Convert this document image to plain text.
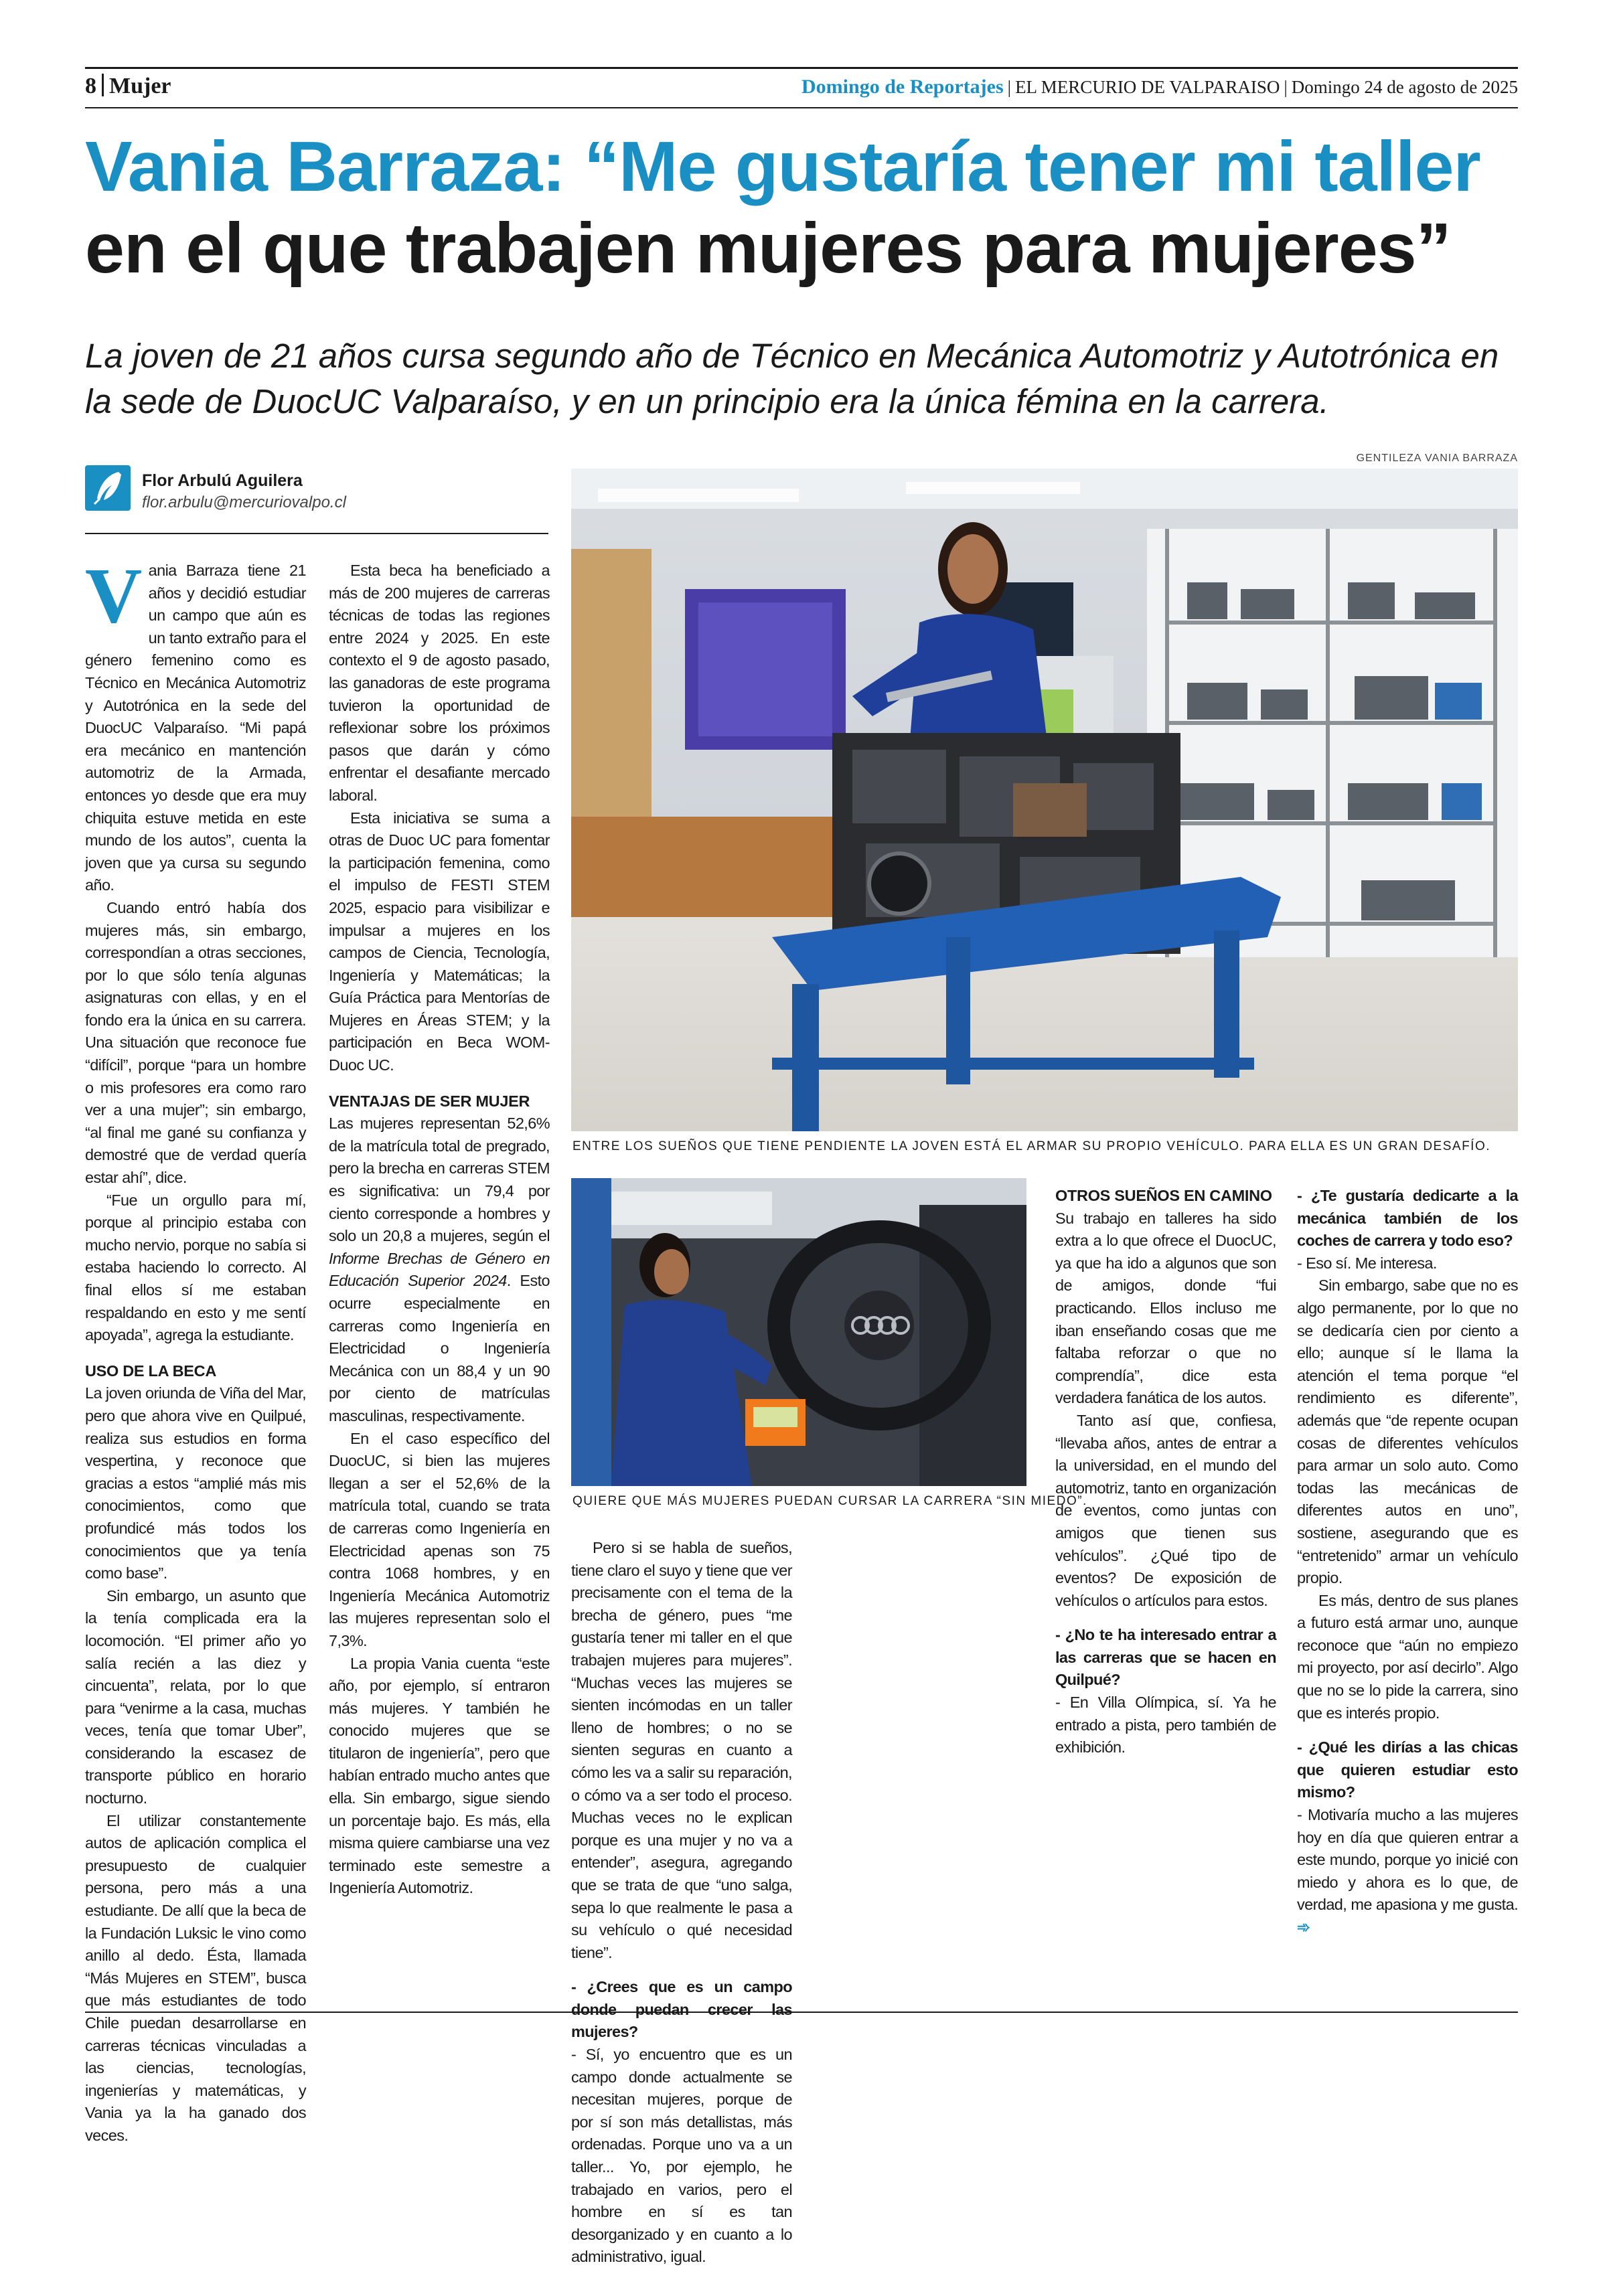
8 Mujer	Domingo de Reportajes | EL MERCURIO DE VALPARAISO | Domingo 24 de agosto de 2025
Vania Barraza: “Me gustaría tener mi taller
en el que trabajen mujeres para mujeres”

La joven de 21 años cursa segundo año de Técnico en Mecánica Automotriz y Autotrónica en la sede de DuocUC Valparaíso, y en un principio era la única fémina en la carrera.

Flor Arbulú Aguilera
flor.arbulu@mercuriovalpo.cl
GENTILEZA VANIA BARRAZA
ENTRE LOS SUEÑOS QUE TIENE PENDIENTE LA JOVEN ESTÁ EL ARMAR SU PROPIO VEHÍCULO. PARA ELLA ES UN GRAN DESAFÍO.
QUIERE QUE MÁS MUJERES PUEDAN CURSAR LA CARRERA “SIN MIEDO”.

Vania Barraza tiene 21 años y decidió estudiar un campo que aún es un tanto extraño para el género femenino como es Técnico en Mecánica Automotriz y Autotrónica en la sede del DuocUC Valparaíso. “Mi papá era mecánico en mantención automotriz de la Armada, entonces yo desde que era muy chiquita estuve metida en este mundo de los autos”, cuenta la joven que ya cursa su segundo año.

Cuando entró había dos mujeres más, sin embargo, correspondían a otras secciones, por lo que sólo tenía algunas asignaturas con ellas, y en el fondo era la única en su carrera. Una situación que reconoce fue “difícil”, porque “para un hombre o mis profesores era como raro ver a una mujer”; sin embargo, “al final me gané su confianza y demostré que de verdad quería estar ahí”, dice.

“Fue un orgullo para mí, porque al principio estaba con mucho nervio, porque no sabía si estaba haciendo lo correcto. Al final ellos sí me estaban respaldando en esto y me sentí apoyada”, agrega la estudiante.

USO DE LA BECA

La joven oriunda de Viña del Mar, pero que ahora vive en Quilpué, realiza sus estudios en forma vespertina, y reconoce que gracias a estos “amplié más mis conocimientos, como que profundicé más todos los conocimientos que ya tenía como base”.

Sin embargo, un asunto que la tenía complicada era la locomoción. “El primer año yo salía recién a las diez y cincuenta”, relata, por lo que para “venirme a la casa, muchas veces, tenía que tomar Uber”, considerando la escasez de transporte público en horario nocturno.

El utilizar constantemente autos de aplicación complica el presupuesto de cualquier persona, pero más a una estudiante. De allí que la beca de la Fundación Luksic le vino como anillo al dedo. Ésta, llamada “Más Mujeres en STEM”, busca que más estudiantes de todo Chile puedan desarrollarse en carreras técnicas vinculadas a las ciencias, tecnologías, ingenierías y matemáticas, y Vania ya la ha ganado dos veces.

Esta beca ha beneficiado a más de 200 mujeres de carreras técnicas de todas las regiones entre 2024 y 2025. En este contexto el 9 de agosto pasado, las ganadoras de este programa tuvieron la oportunidad de reflexionar sobre los próximos pasos que darán y cómo enfrentar el desafiante mercado laboral.

Esta iniciativa se suma a otras de Duoc UC para fomentar la participación femenina, como el impulso de FESTI STEM 2025, espacio para visibilizar e impulsar a mujeres en los campos de Ciencia, Tecnología, Ingeniería y Matemáticas; la Guía Práctica para Mentorías de Mujeres en Áreas STEM; y la participación en Beca WOM-Duoc UC.

VENTAJAS DE SER MUJER

Las mujeres representan 52,6% de la matrícula total de pregrado, pero la brecha en carreras STEM es significativa: un 79,4 por ciento corresponde a hombres y solo un 20,8 a mujeres, según el Informe Brechas de Género en Educación Superior 2024. Esto ocurre especialmente en carreras como Ingeniería en Electricidad o Ingeniería Mecánica con un 88,4 y un 90 por ciento de matrículas masculinas, respectivamente.

En el caso específico del DuocUC, si bien las mujeres llegan a ser el 52,6% de la matrícula total, cuando se trata de carreras como Ingeniería en Electricidad apenas son 75 contra 1068 hombres, y en Ingeniería Mecánica Automotriz las mujeres representan solo el 7,3%.

La propia Vania cuenta “este año, por ejemplo, sí entraron más mujeres. Y también he conocido mujeres que se titularon de ingeniería”, pero que habían entrado mucho antes que ella. Sin embargo, sigue siendo un porcentaje bajo. Es más, ella misma quiere cambiarse una vez terminado este semestre a Ingeniería Automotriz.

Pero si se habla de sueños, tiene claro el suyo y tiene que ver precisamente con el tema de la brecha de género, pues “me gustaría tener mi taller en el que trabajen mujeres para mujeres”. “Muchas veces las mujeres se sienten incómodas en un taller lleno de hombres; o no se sienten seguras en cuanto a cómo les va a salir su reparación, o cómo va a ser todo el proceso. Muchas veces no le explican porque es una mujer y no va a entender”, asegura, agregando que se trata de que “uno salga, sepa lo que realmente le pasa a su vehículo o qué necesidad tiene”.

- ¿Crees que es un campo donde puedan crecer las mujeres?

- Sí, yo encuentro que es un campo donde actualmente se necesitan mujeres, porque de por sí son más detallistas, más ordenadas. Porque uno va a un taller... Yo, por ejemplo, he trabajado en varios, pero el hombre en sí es tan desorganizado y en cuanto a lo administrativo, igual.

OTROS SUEÑOS EN CAMINO

Su trabajo en talleres ha sido extra a lo que ofrece el DuocUC, ya que ha ido a algunos que son de amigos, donde “fui practicando. Ellos incluso me iban enseñando cosas que me faltaba reforzar o que no comprendía”, dice esta verdadera fanática de los autos.

Tanto así que, confiesa, “llevaba años, antes de entrar a la universidad, en el mundo del automotriz, tanto en organización de eventos, como juntas con amigos que tienen sus vehículos”. ¿Qué tipo de eventos? De exposición de vehículos o artículos para estos.

- ¿No te ha interesado entrar a las carreras que se hacen en Quilpué?

- En Villa Olímpica, sí. Ya he entrado a pista, pero también de exhibición.

- ¿Te gustaría dedicarte a la mecánica también de los coches de carrera y todo eso?

- Eso sí. Me interesa.

Sin embargo, sabe que no es algo permanente, por lo que no se dedicaría cien por ciento a ello; aunque sí le llama la atención el tema porque “el rendimiento es diferente”, además que “de repente ocupan cosas de diferentes vehículos para armar un solo auto. Como todas las mecánicas de diferentes autos en uno”, sostiene, asegurando que es “entretenido” armar un vehículo propio.

Es más, dentro de sus planes a futuro está armar uno, aunque reconoce que “aún no empiezo mi proyecto, por así decirlo”. Algo que no se lo pide la carrera, sino que es interés propio.

- ¿Qué les dirías a las chicas que quieren estudiar esto mismo?

- Motivaría mucho a las mujeres hoy en día que quieren entrar a este mundo, porque yo inicié con miedo y ahora es lo que, de verdad, me apasiona y me gusta. ➾
